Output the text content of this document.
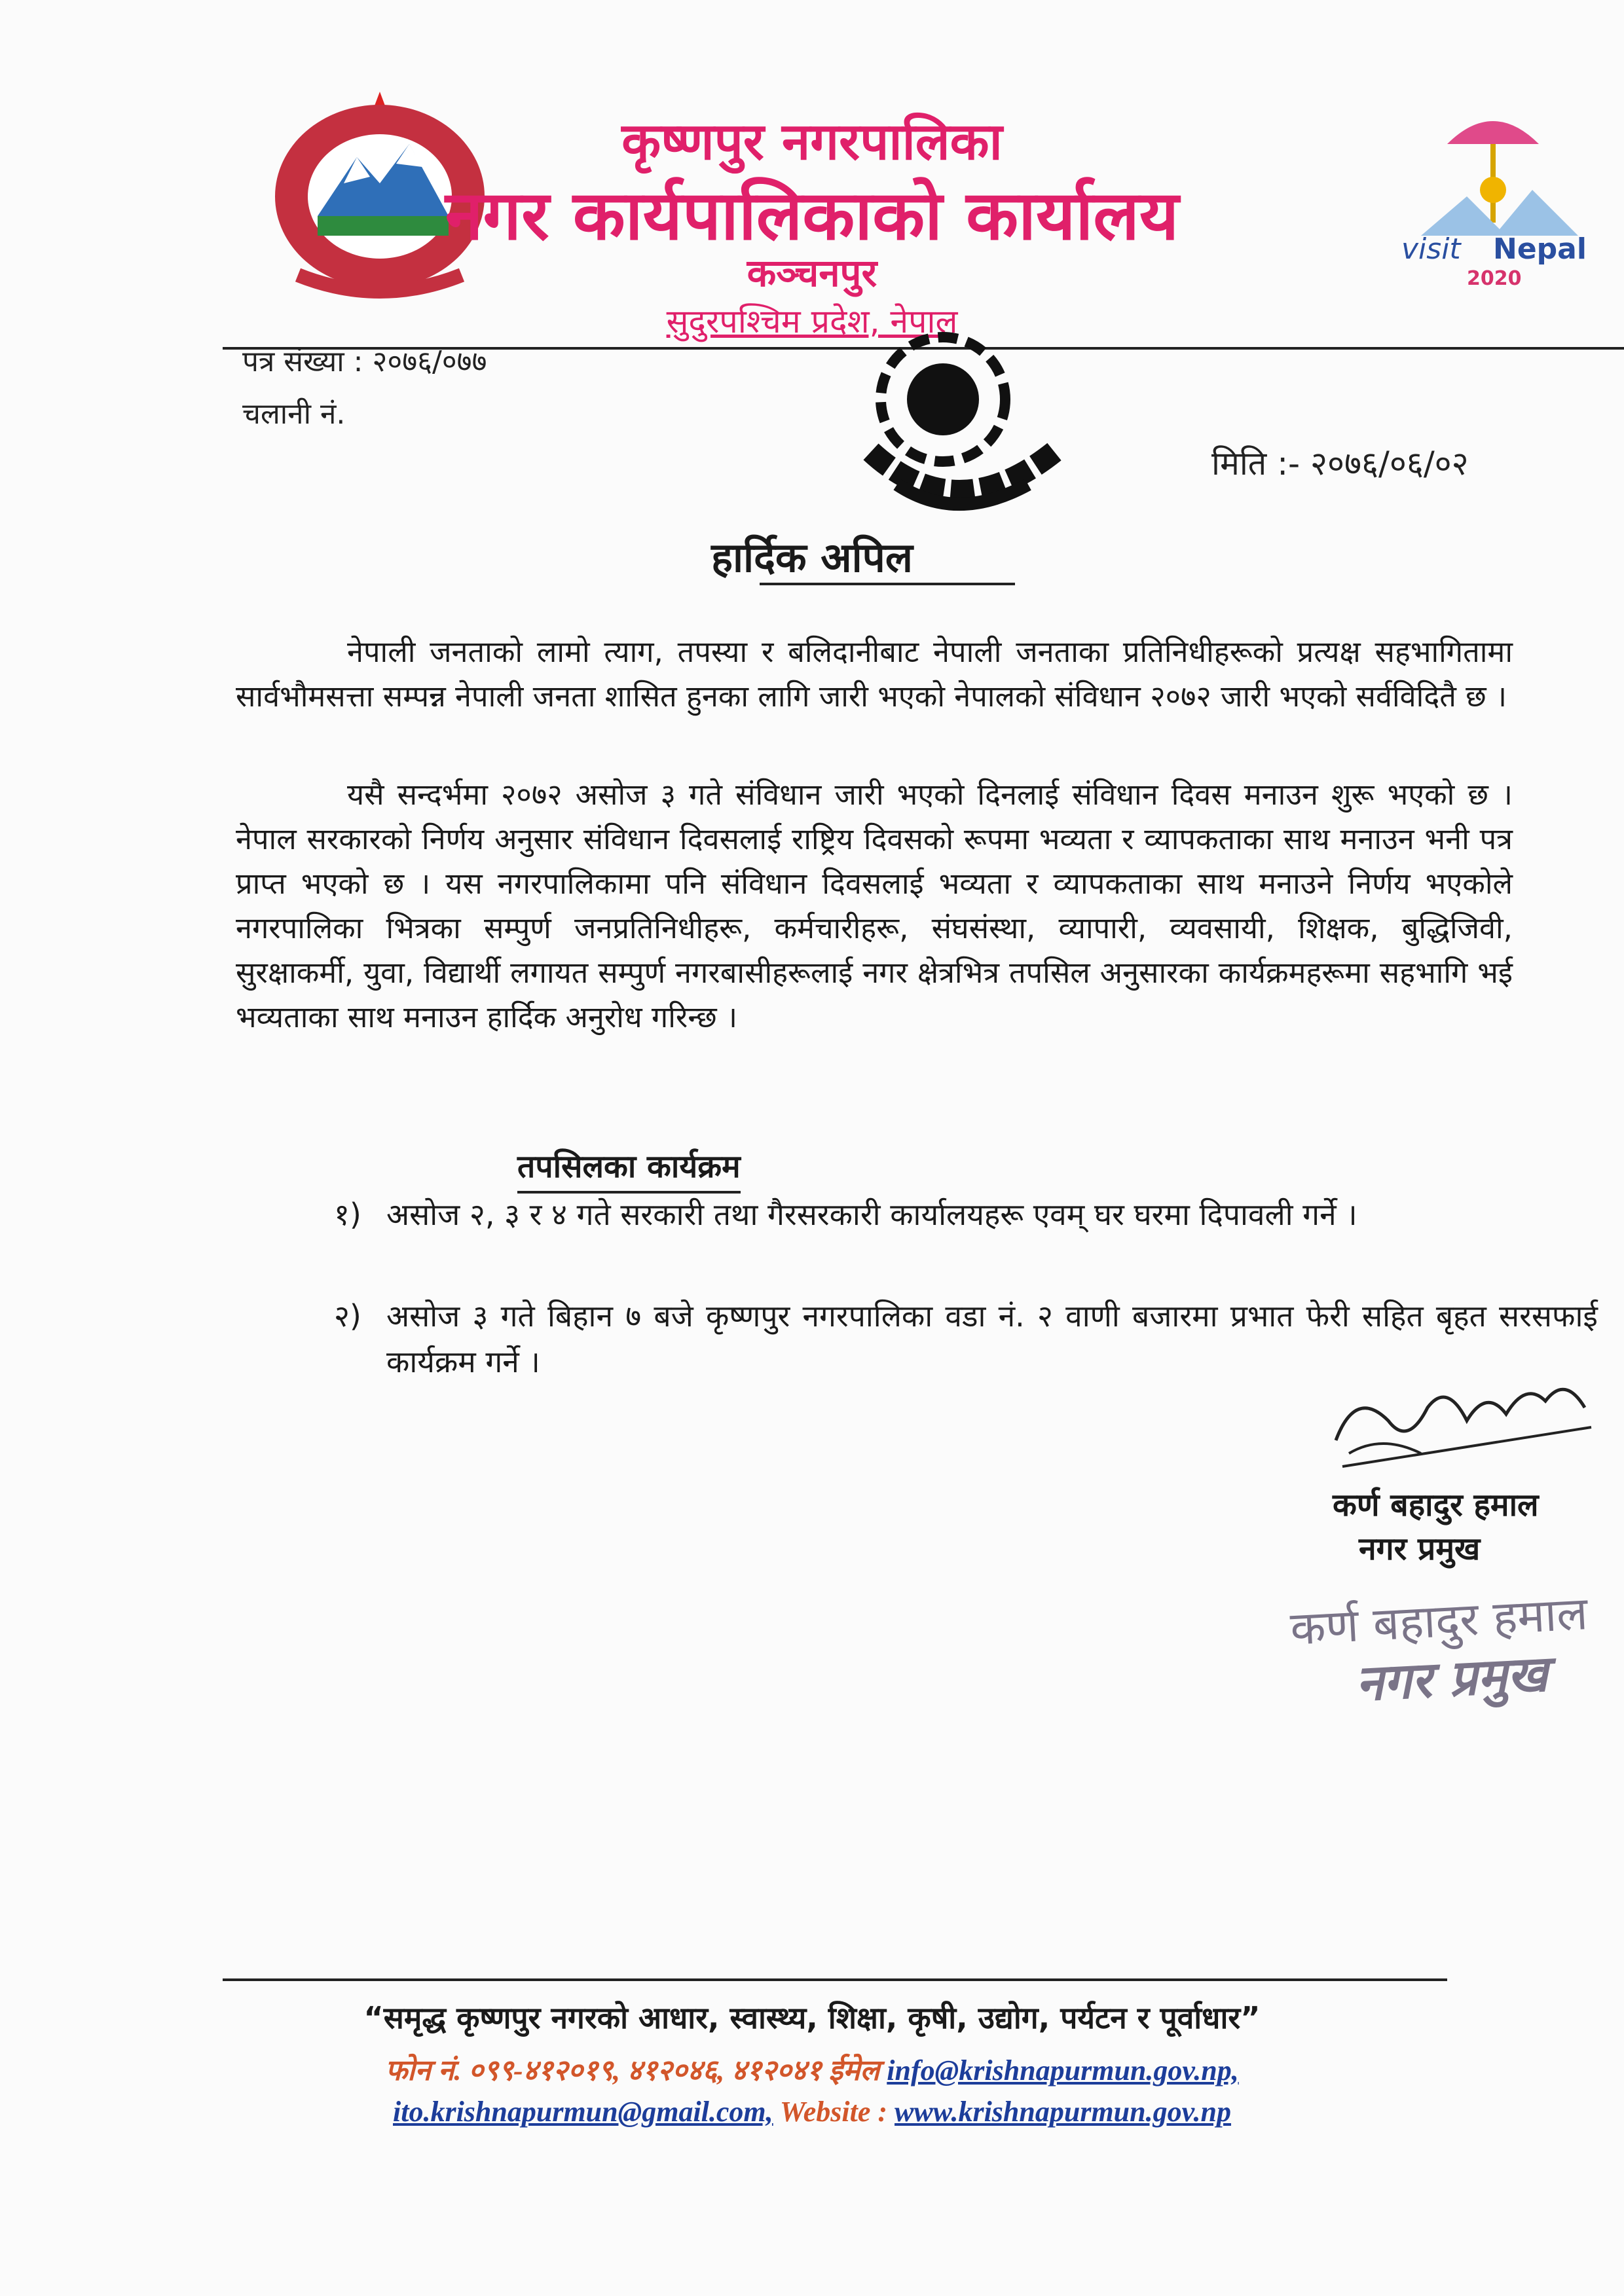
कृष्णपुर नगरपालिका
नगर कार्यपालिकाको कार्यालय
कञ्चनपुर
सुदुरपश्चिम प्रदेश, नेपाल
visit Nepal
2020
पत्र संख्या : २०७६/०७७
चलानी नं.
मिति :- २०७६/०६/०२
हार्दिक अपिल
नेपाली जनताको लामो त्याग, तपस्या र बलिदानीबाट नेपाली जनताका प्रतिनिधीहरूको प्रत्यक्ष सहभागितामा सार्वभौमसत्ता सम्पन्न नेपाली जनता शासित हुनका लागि जारी भएको नेपालको संविधान २०७२ जारी भएको सर्वविदितै छ ।
यसै सन्दर्भमा २०७२ असोज ३ गते संविधान जारी भएको दिनलाई संविधान दिवस मनाउन शुरू भएको छ । नेपाल सरकारको निर्णय अनुसार संविधान दिवसलाई राष्ट्रिय दिवसको रूपमा भव्यता र व्यापकताका साथ मनाउन भनी पत्र प्राप्त भएको छ । यस नगरपालिकामा पनि संविधान दिवसलाई भव्यता र व्यापकताका साथ मनाउने निर्णय भएकोले नगरपालिका भित्रका सम्पुर्ण जनप्रतिनिधीहरू, कर्मचारीहरू, संघसंस्था, व्यापारी, व्यवसायी, शिक्षक, बुद्धिजिवी, सुरक्षाकर्मी, युवा, विद्यार्थी लगायत सम्पुर्ण नगरबासीहरूलाई नगर क्षेत्रभित्र तपसिल अनुसारका कार्यक्रमहरूमा सहभागि भई भव्यताका साथ मनाउन हार्दिक अनुरोध गरिन्छ ।
तपसिलका कार्यक्रम
१) असोज २, ३ र ४ गते सरकारी तथा गैरसरकारी कार्यालयहरू एवम् घर घरमा दिपावली गर्ने ।
२) असोज ३ गते बिहान ७ बजे कृष्णपुर नगरपालिका वडा नं. २ वाणी बजारमा प्रभात फेरी सहित बृहत सरसफाई कार्यक्रम गर्ने ।
कर्ण बहादुर हमाल
नगर प्रमुख
कर्ण बहादुर हमाल
नगर प्रमुख
“समृद्ध कृष्णपुर नगरको आधार, स्वास्थ्य, शिक्षा, कृषी, उद्योग, पर्यटन र पूर्वाधार”
फोन नं. ०९९-४१२०१९, ४१२०४६, ४१२०४१ ईमेल info@krishnapurmun.gov.np,
ito.krishnapurmun@gmail.com, Website : www.krishnapurmun.gov.np
